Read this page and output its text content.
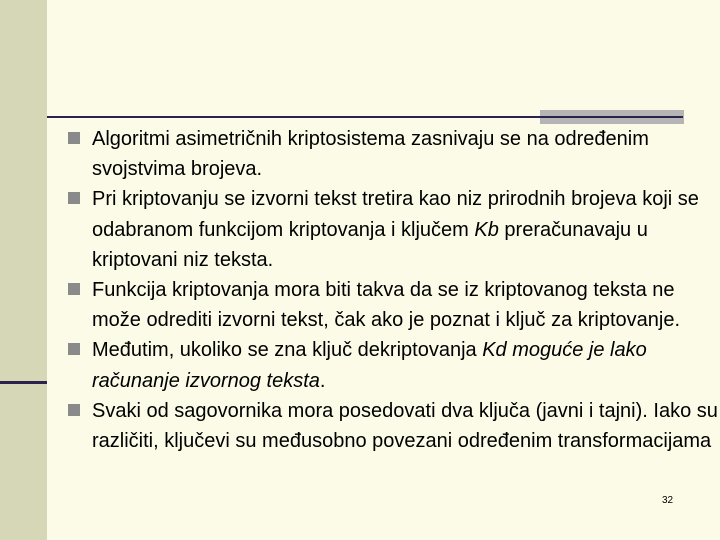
Algoritmi asimetričnih kriptosistema zasnivaju se na određenim svojstvima brojeva.
Pri kriptovanju se izvorni tekst tretira kao niz prirodnih brojeva koji se odabranom funkcijom kriptovanja i ključem Kb preračunavaju u kriptovani niz teksta.
Funkcija kriptovanja mora biti takva da se iz kriptovanog teksta ne može odrediti izvorni tekst, čak ako je poznat i ključ za kriptovanje.
Međutim, ukoliko se zna ključ dekriptovanja Kd moguće je lako računanje izvornog teksta.
Svaki od sagovornika mora posedovati dva ključa (javni i tajni). Iako su različiti, ključevi su međusobno povezani određenim transformacijama
32
